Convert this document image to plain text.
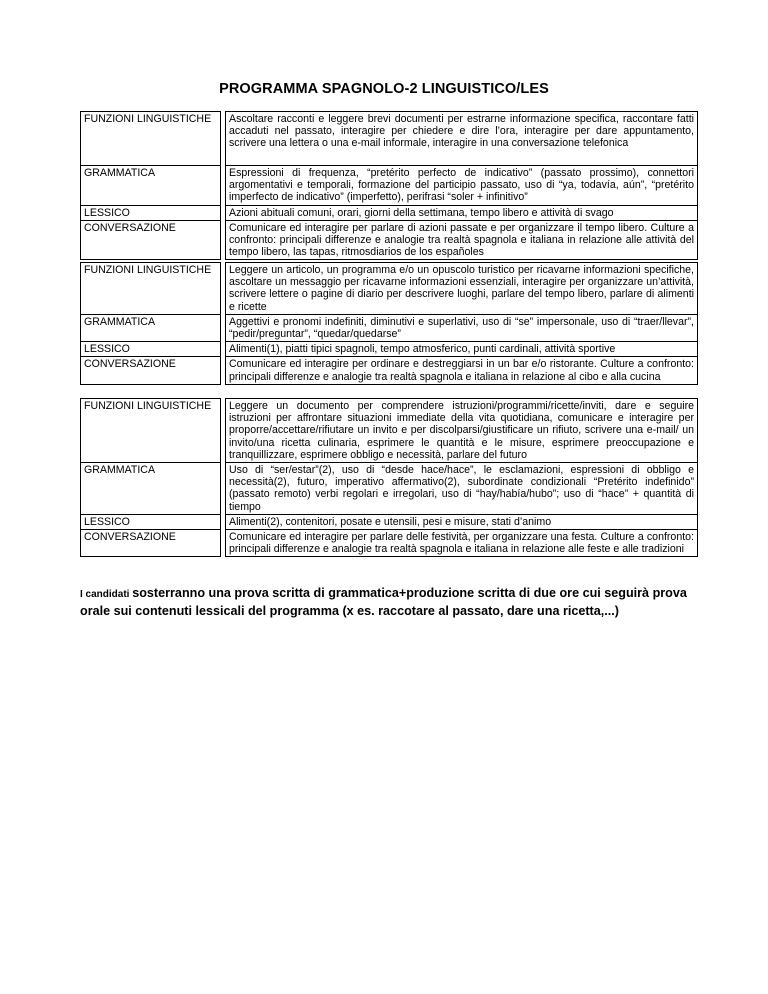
PROGRAMMA SPAGNOLO-2 LINGUISTICO/LES
FUNZIONI LINGUISTICHE		Ascoltare racconti e leggere brevi documenti per estrarne informazione specifica, raccontare fatti accaduti nel passato, interagire per chiedere e dire l’ora, interagire per dare appuntamento, scrivere una lettera o una e-mail informale, interagire in una conversazione telefonica
GRAMMATICA		Espressioni di frequenza, “pretérito perfecto de indicativo” (passato prossimo), connettori argomentativi e temporali, formazione del participio passato, uso di “ya, todavía, aún”, “pretérito imperfecto de indicativo” (imperfetto), perifrasi “soler + infinitivo”
LESSICO		Azioni abituali comuni, orari, giorni della settimana, tempo libero e attività di svago
CONVERSAZIONE		Comunicare ed interagire per parlare di azioni passate e per organizzare il tempo libero. Culture a confronto: principali differenze e analogie tra realtà spagnola e italiana in relazione alle attività del tempo libero, las tapas, ritmosdiarios de los españoles
FUNZIONI LINGUISTICHE		Leggere un articolo, un programma e/o un opuscolo turistico per ricavarne informazioni specifiche, ascoltare un messaggio per ricavarne informazioni essenziali, interagire per organizzare un’attività, scrivere lettere o pagine di diario per descrivere luoghi, parlare del tempo libero, parlare di alimenti e ricette
GRAMMATICA		Aggettivi e pronomi indefiniti, diminutivi e superlativi, uso di “se” impersonale, uso di “traer/llevar”, “pedir/preguntar”, “quedar/quedarse”
LESSICO		Alimenti(1), piatti tipici spagnoli, tempo atmosferico, punti cardinali, attività sportive
CONVERSAZIONE		Comunicare ed interagire per ordinare e destreggiarsi in un bar e/o ristorante. Culture a confronto: principali differenze e analogie tra realtà spagnola e italiana in relazione al cibo e alla cucina
FUNZIONI LINGUISTICHE		Leggere un documento per comprendere istruzioni/programmi/ricette/inviti, dare e seguire istruzioni per affrontare situazioni immediate della vita quotidiana, comunicare e interagire per proporre/accettare/rifiutare un invito e per discolparsi/giustificare un rifiuto, scrivere una e-mail/ un invito/una ricetta culinaria, esprimere le quantità e le misure, esprimere preoccupazione e tranquillizzare, esprimere obbligo e necessità, parlare del futuro
GRAMMATICA		Uso di “ser/estar”(2), uso di “desde hace/hace”, le esclamazioni, espressioni di obbligo e necessità(2), futuro, imperativo affermativo(2), subordinate condizionali “Pretérito indefinido” (passato remoto) verbi regolari e irregolari, uso di “hay/había/hubo”; uso di “hace” + quantità di tiempo
LESSICO		Alimenti(2), contenitori, posate e utensili, pesi e misure, stati d’animo
CONVERSAZIONE		Comunicare ed interagire per parlare delle festività, per organizzare una festa. Culture a confronto: principali differenze e analogie tra realtà spagnola e italiana in relazione alle feste e alle tradizioni
I candidati sosterranno una prova scritta di grammatica+produzione scritta di due ore cui seguirà prova orale sui contenuti lessicali del programma (x es. raccotare al passato, dare una ricetta,...)
